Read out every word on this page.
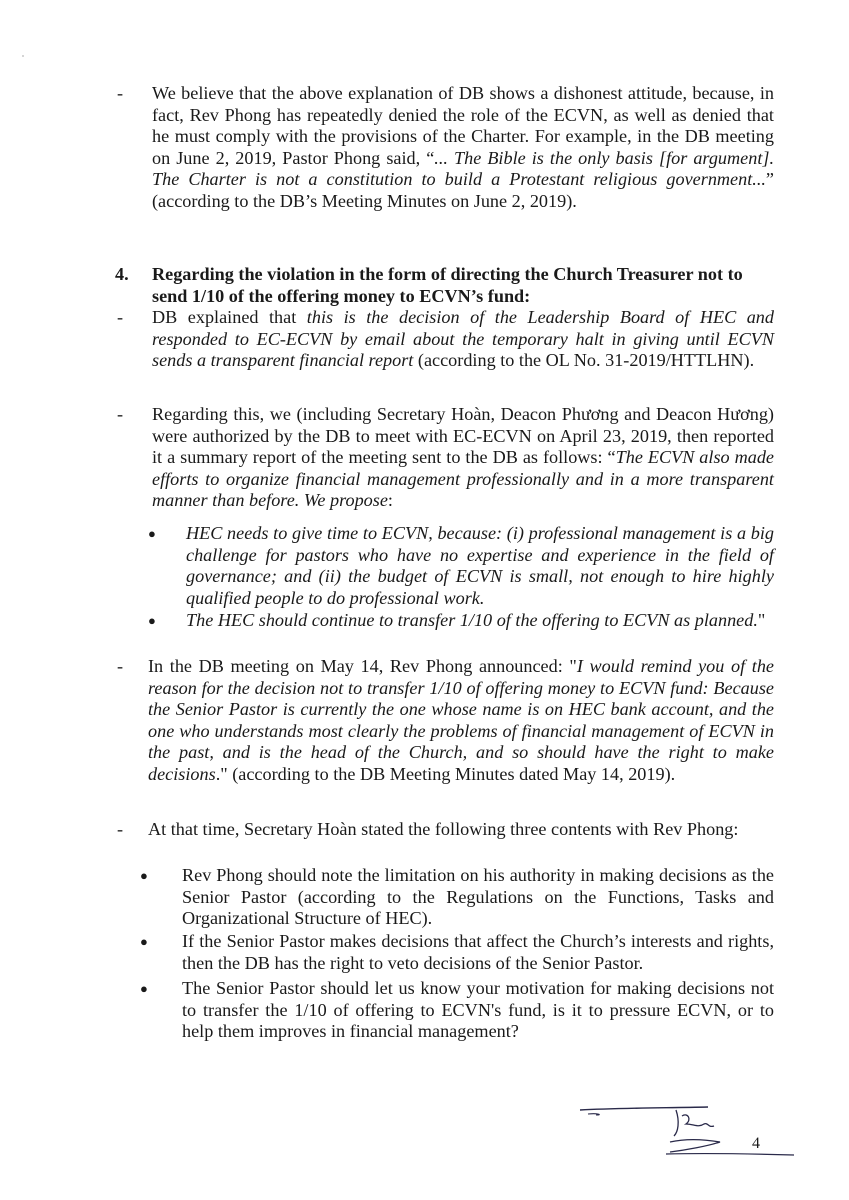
- We believe that the above explanation of DB shows a dishonest attitude, because, in fact, Rev Phong has repeatedly denied the role of the ECVN, as well as denied that he must comply with the provisions of the Charter. For example, in the DB meeting on June 2, 2019, Pastor Phong said, “... The Bible is the only basis [for argument]. The Charter is not a constitution to build a Protestant religious government...” (according to the DB’s Meeting Minutes on June 2, 2019).
4. Regarding the violation in the form of directing the Church Treasurer not to send 1/10 of the offering money to ECVN’s fund:
- DB explained that this is the decision of the Leadership Board of HEC and responded to EC-ECVN by email about the temporary halt in giving until ECVN sends a transparent financial report (according to the OL No. 31-2019/HTTLHN).
- Regarding this, we (including Secretary Hoàn, Deacon Phương and Deacon Hương) were authorized by the DB to meet with EC-ECVN on April 23, 2019, then reported it a summary report of the meeting sent to the DB as follows: “The ECVN also made efforts to organize financial management professionally and in a more transparent manner than before. We propose:
● HEC needs to give time to ECVN, because: (i) professional management is a big challenge for pastors who have no expertise and experience in the field of governance; and (ii) the budget of ECVN is small, not enough to hire highly qualified people to do professional work.
● The HEC should continue to transfer 1/10 of the offering to ECVN as planned."
- In the DB meeting on May 14, Rev Phong announced: "I would remind you of the reason for the decision not to transfer 1/10 of offering money to ECVN fund: Because the Senior Pastor is currently the one whose name is on HEC bank account, and the one who understands most clearly the problems of financial management of ECVN in the past, and is the head of the Church, and so should have the right to make decisions." (according to the DB Meeting Minutes dated May 14, 2019).
- At that time, Secretary Hoàn stated the following three contents with Rev Phong:
● Rev Phong should note the limitation on his authority in making decisions as the Senior Pastor (according to the Regulations on the Functions, Tasks and Organizational Structure of HEC).
● If the Senior Pastor makes decisions that affect the Church’s interests and rights, then the DB has the right to veto decisions of the Senior Pastor.
● The Senior Pastor should let us know your motivation for making decisions not to transfer the 1/10 of offering to ECVN's fund, is it to pressure ECVN, or to help them improves in financial management?
4
